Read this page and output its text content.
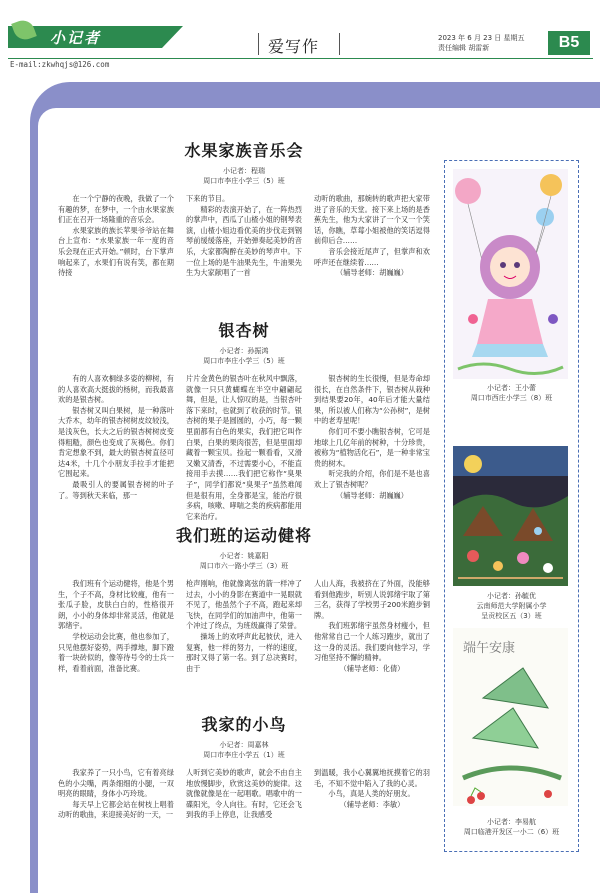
小记者
E-mail:zkwhqjs@126.com
爱写作	2023 年 6 月 23 日 星期五
责任编辑 胡雷新	B5
水果家族音乐会
小记者：程瑞
周口市李庄小学三（5）班

在一个宁静的夜晚，我做了一个有趣的梦，在梦中，一个由水果家族们正在召开一场隆重的音乐会。

水果家族的族长苹果爷爷站在舞台上宣布：“水果家族一年一度的音乐会现在正式开始。”顿时，台下掌声响起来了，水果们有说有笑，都在期待接

下来的节目。

精彩的表演开始了，在一阵热烈的掌声中，西瓜了山楂小姐的钢琴表演，山楂小姐边看优美的步伐走到钢琴前缓缓落座，开始弹奏起美妙的音乐，大家都陶醉在美妙的琴声中。下一位上场的是牛油果先生，牛油果先生为大家献唱了一首

动听的歌曲，那婉转的歌声把大家带进了音乐的天堂。接下来上场的是香蕉先生，他为大家讲了一个又一个笑话，你瞧，草莓小姐被他的笑话逗得前仰后合……

音乐会接近尾声了，但掌声和欢呼声还在继续着……

（辅导老师：胡巍巍）

银杏树
小记者：孙振鸿
周口市李庄小学三（5）班

有的人喜欢桐绿多姿的柳树，有的人喜欢高大挺拔的杨树，而我最喜欢的是银杏树。

银杏树又叫白果树，是一种落叶大乔木，幼年的银杏树树皮纹较浅，是浅灰色，长大之后的银杏树树皮变得粗糙，颜色也变成了灰褐色。你们肯定想象不到，最大的银杏树直径可达4米，十几个小朋友手拉手才能把它围起来。

最吸引人的要属银杏树的叶子了。等到秋天来临，那一

片片金黄色的银杏叶在秋风中飘落，就像一只只黄蝴蝶在半空中翩翩起舞，但是，让人惊叹的是，当银杏叶落下来时，也就到了收获的时节。银杏树的果子是圆圆的，小巧，每一颗里面都有白色的果实，我们把它叫作白果，白果的果肉很苦，但是里面却藏着一颗宝贝。捡起一颗看看，又滑又嫩又清香，不过需要小心，不能直接用手去摸……我们把它称作“臭果子”，同学们都说“臭果子”虽然难闻但是很有用，全身都是宝，能治疗很多病，咳嗽、哮喘之类的疾病都能用它来治疗。

银杏树的生长很慢，但是寿命却很长，在自然条件下，银杏树从栽种到结果要20年，40年后才能大量结果，所以被人们称为“公孙树”，是树中的老寿星呢！

你们可不要小瞧银杏树，它可是地球上几亿年前的树种，十分珍贵，被称为“植物活化石”，是一种非常宝贵的树木。

听完我的介绍，你们是不是也喜欢上了银杏树呢？

（辅导老师：胡巍巍）

我们班的运动健将
小记者：姚嘉阳
周口市六一路小学三（3）班

我们班有个运动健将，他是个男生，个子不高，身材比较瘦，他有一张瓜子脸，皮肤白白的，性格很开朗，小小的身体却非常灵活，他就是郭绪宇。

学校运动会比赛，他也参加了，只见他摆好姿势，两手撑地，脚下蹬着一块砖似的，像等待号令的士兵一样，看着前面，准备比赛。

枪声刚响，他就像离弦的箭一样冲了过去，小小的身影在赛道中一晃眼就不见了，他虽然个子不高，跑起来却飞快，在同学们的加油声中，他第一个冲过了终点，为班级赢得了荣誉。

操场上的欢呼声此起彼伏，进入复赛，他一样的努力，一样的速度，那时又得了第一名。到了总决赛时，由于

人山人海，我被挤在了外面，没能够看到他跑步，听别人说郭绪宇取了第三名，获得了学校男子200米跑步铜牌。

我们班郭绪宇虽然身材瘦小，但他常常自己一个人练习跑步，就出了这一身的灵活。我们要向他学习，学习他坚持不懈的精神。

（辅导老师：化倩）

我家的小鸟
小记者：周嘉林
周口市李庄小学五（1）班

我家养了一只小鸟，它有着亮绿色的小尖嘴，两条细细的小腿，一双明亮的眼睛，身体小巧玲珑。

每天早上它都会站在树枝上唱着动听的歌曲，来迎接美好的一天，一

人听到它美妙的歌声，就会不由自主地放慢脚步，欣赏这美妙的旋律。这就像就像是在一起唱歌。唱歌中的一碟阳光，令人向往。有时，它还会飞到我的手上停息，让我感受

到温暖，我小心翼翼地抚摸着它的羽毛，不知不觉中陷入了我的心灵。

小鸟，真是人类的好朋友。

（辅导老师：李敏）

小记者：王小蕾
周口市西庄小学三（8）班
小记者：孙毓优
云南师范大学附属小学
呈贡校区五（3）班
端午安康
小记者：李易航
周口临港开发区一小二（6）班
